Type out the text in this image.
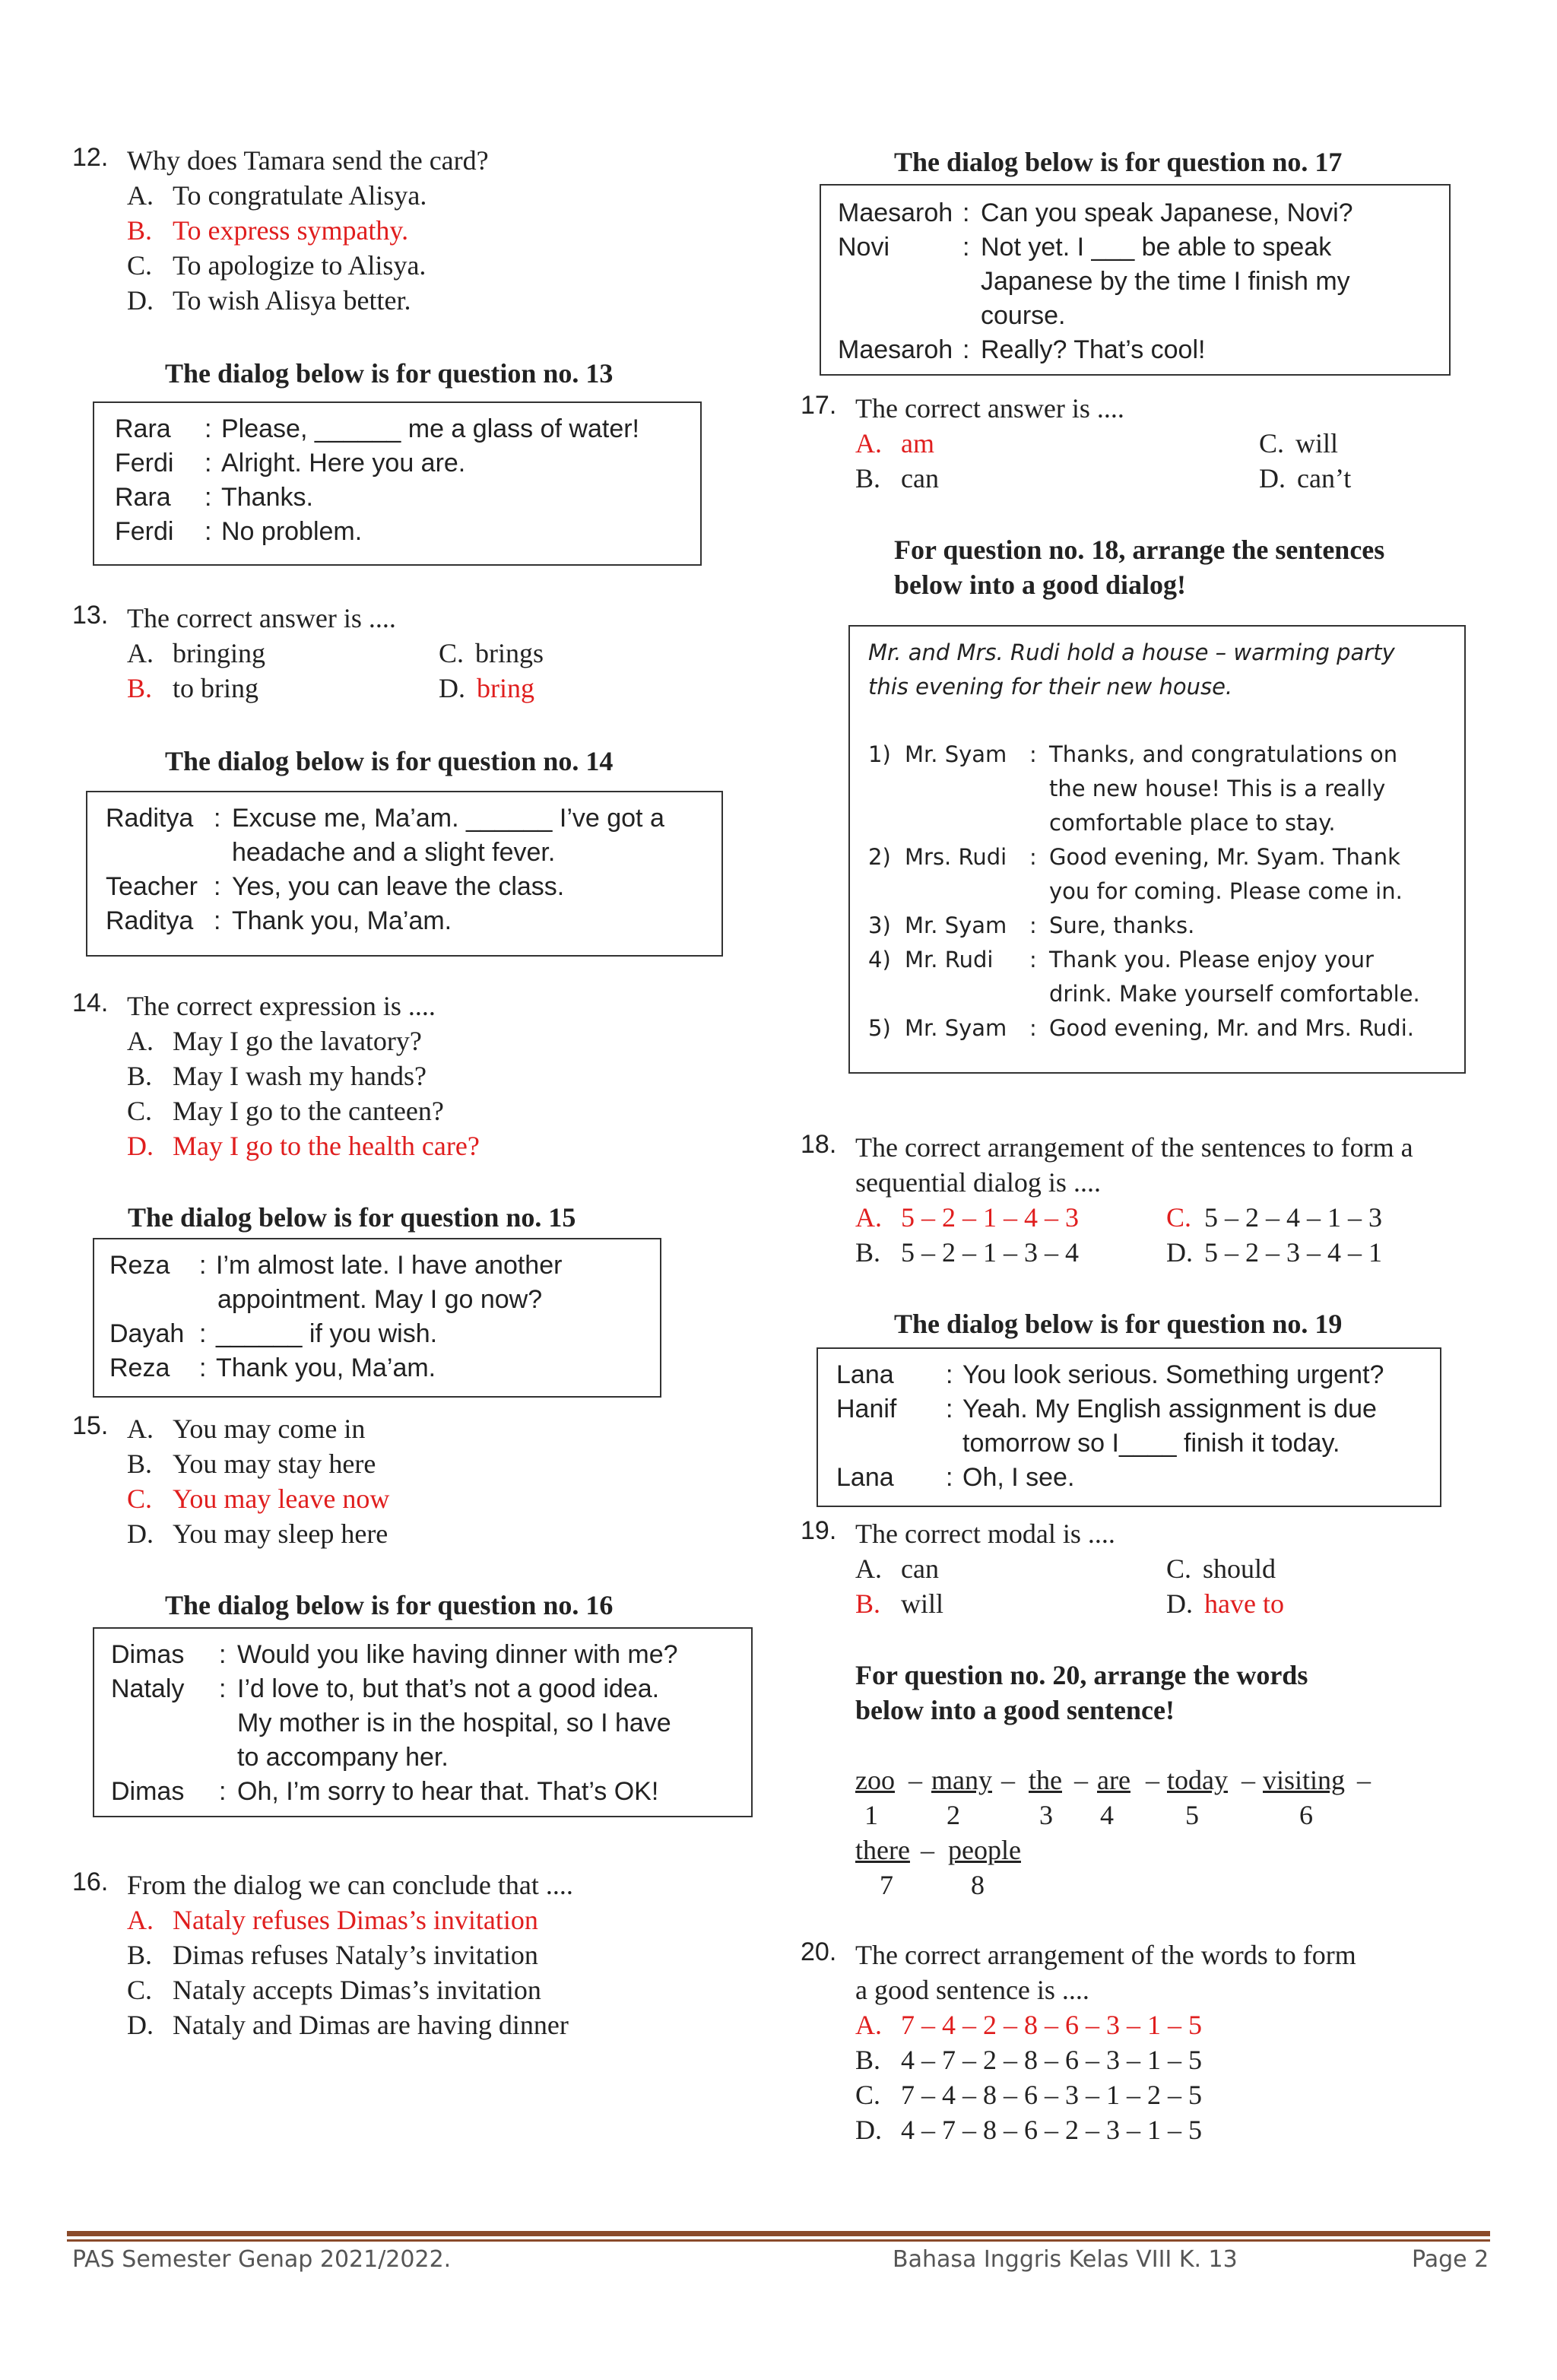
12. Why does Tamara send the card?
A. To congratulate Alisya.
B. To express sympathy.
C. To apologize to Alisya.
D. To wish Alisya better.
The dialog below is for question no. 13
Rara : Please, ______ me a glass of water!
Ferdi : Alright. Here you are.
Rara : Thanks.
Ferdi : No problem.
13. The correct answer is ....
A. bringing	C. brings
B. to bring	D. bring
The dialog below is for question no. 14
Raditya : Excuse me, Ma’am. ______ I’ve got a
headache and a slight fever.
Teacher : Yes, you can leave the class.
Raditya : Thank you, Ma’am.
14. The correct expression is ....
A. May I go the lavatory?
B. May I wash my hands?
C. May I go to the canteen?
D. May I go to the health care?
The dialog below is for question no. 15
Reza : I’m almost late. I have another
appointment. May I go now?
Dayah : ______ if you wish.
Reza : Thank you, Ma’am.
15. A. You may come in
B. You may stay here
C. You may leave now
D. You may sleep here
The dialog below is for question no. 16
Dimas : Would you like having dinner with me?
Nataly : I’d love to, but that’s not a good idea.
My mother is in the hospital, so I have
to accompany her.
Dimas : Oh, I’m sorry to hear that. That’s OK!
16. From the dialog we can conclude that ....
A. Nataly refuses Dimas’s invitation
B. Dimas refuses Nataly’s invitation
C. Nataly accepts Dimas’s invitation
D. Nataly and Dimas are having dinner
The dialog below is for question no. 17
Maesaroh : Can you speak Japanese, Novi?
Novi	: Not yet. I ___ be able to speak
Japanese by the time I finish my
course.
Maesaroh : Really? That’s cool!
17. The correct answer is ....
A. am	C. will
B. can	D. can’t
For question no. 18, arrange the sentences
below into a good dialog!
Mr. and Mrs. Rudi hold a house – warming party
this evening for their new house.
1) Mr. Syam : Thanks, and congratulations on
the new house! This is a really
comfortable place to stay.
2) Mrs. Rudi : Good evening, Mr. Syam. Thank
you for coming. Please come in.
3) Mr. Syam : Sure, thanks.
4) Mr. Rudi : Thank you. Please enjoy your
drink. Make yourself comfortable.
5) Mr. Syam : Good evening, Mr. and Mrs. Rudi.
18. The correct arrangement of the sentences to form a
sequential dialog is ....
A. 5 – 2 – 1 – 4 – 3	C. 5 – 2 – 4 – 1 – 3
B. 5 – 2 – 1 – 3 – 4	D. 5 – 2 – 3 – 4 – 1
The dialog below is for question no. 19
Lana : You look serious. Something urgent?
Hanif : Yeah. My English assignment is due
tomorrow so I____ finish it today.
Lana : Oh, I see.
19. The correct modal is ....
A. can	C. should
B. will	D. have to
For question no. 20, arrange the words
below into a good sentence!
zoo – many – the – are – today – visiting –
1	2	3 4	5	6
there – people
7	8
20. The correct arrangement of the words to form
a good sentence is ....
A. 7 – 4 – 2 – 8 – 6 – 3 – 1 – 5
B. 4 – 7 – 2 – 8 – 6 – 3 – 1 – 5
C. 7 – 4 – 8 – 6 – 3 – 1 – 2 – 5
D. 4 – 7 – 8 – 6 – 2 – 3 – 1 – 5
PAS Semester Genap 2021/2022.	Bahasa Inggris Kelas VIII K. 13	Page 2
